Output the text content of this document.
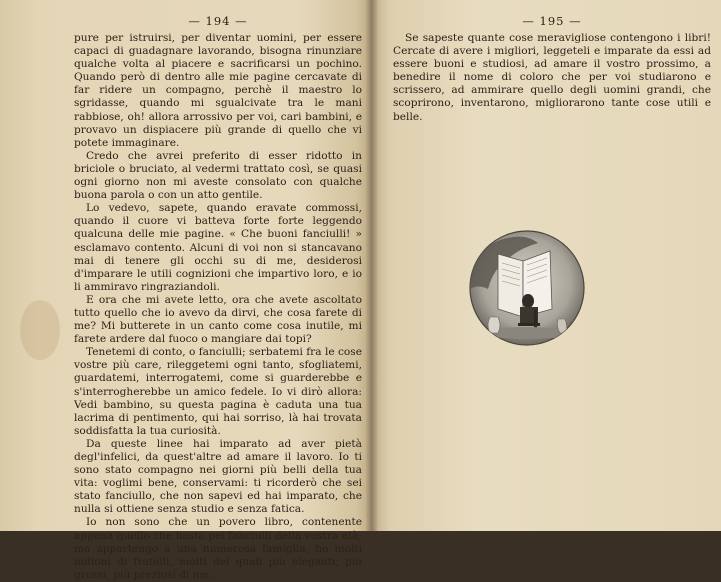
— 194 —

pure per istruirsi, per diventar uomini, per essere capaci di guadagnare lavorando, bisogna rinunziare qualche volta al piacere e sacrificarsi un pochino. Quando però di dentro alle mie pagine cercavate di far ridere un compagno, perchè il maestro lo sgridasse, quando mi sgualcivate tra le mani rabbiose, oh! allora arrossivo per voi, cari bambini, e provavo un dispiacere più grande di quello che vi potete immaginare.

Credo che avrei preferito di esser ridotto in briciole o bruciato, al vedermi trattato così, se quasi ogni giorno non mi aveste consolato con qualche buona parola o con un atto gentile.

Lo vedevo, sapete, quando eravate commossi, quando il cuore vi batteva forte forte leggendo qualcuna delle mie pagine. « Che buoni fanciulli! » esclamavo contento. Alcuni di voi non si stancavano mai di tenere gli occhi su di me, desiderosi d'imparare le utili cognizioni che impartivo loro, e io li ammiravo ringraziandoli.

E ora che mi avete letto, ora che avete ascoltato tutto quello che io avevo da dirvi, che cosa farete di me? Mi butterete in un canto come cosa inutile, mi farete ardere dal fuoco o mangiare dai topi?

Tenetemi di conto, o fanciulli; serbatemi fra le cose vostre più care, rileggetemi ogni tanto, sfogliatemi, guardatemi, interrogatemi, come si guarderebbe e s'interrogherebbe un amico fedele. Io vi dirò allora: Vedi bambino, su questa pagina è caduta una tua lacrima di pentimento, qui hai sorriso, là hai trovata soddisfatta la tua curiosità.

Da queste linee hai imparato ad aver pietà degl'infelici, da quest'altre ad amare il lavoro. Io ti sono stato compagno nei giorni più belli della tua vita: voglimi bene, conservami: ti ricorderò che sei stato fanciullo, che non sapevi ed hai imparato, che nulla si ottiene senza studio e senza fatica.

Io non sono che un povero libro, contenente appena quello che basta pei fanciulli della vostra età; ma appartengo a una numerosa famiglia, ho molti milioni di fratelli, molti dei quali più eleganti, più grossi, più preziosi di me.

— 195 —

Se sapeste quante cose meravigliose contengono i libri! Cercate di avere i migliori, leggeteli e imparate da essi ad essere buoni e studiosi, ad amare il vostro prossimo, a benedire il nome di coloro che per voi studiarono e scrissero, ad ammirare quello degli uomini grandi, che scoprirono, inventarono, migliorarono tante cose utili e belle.
